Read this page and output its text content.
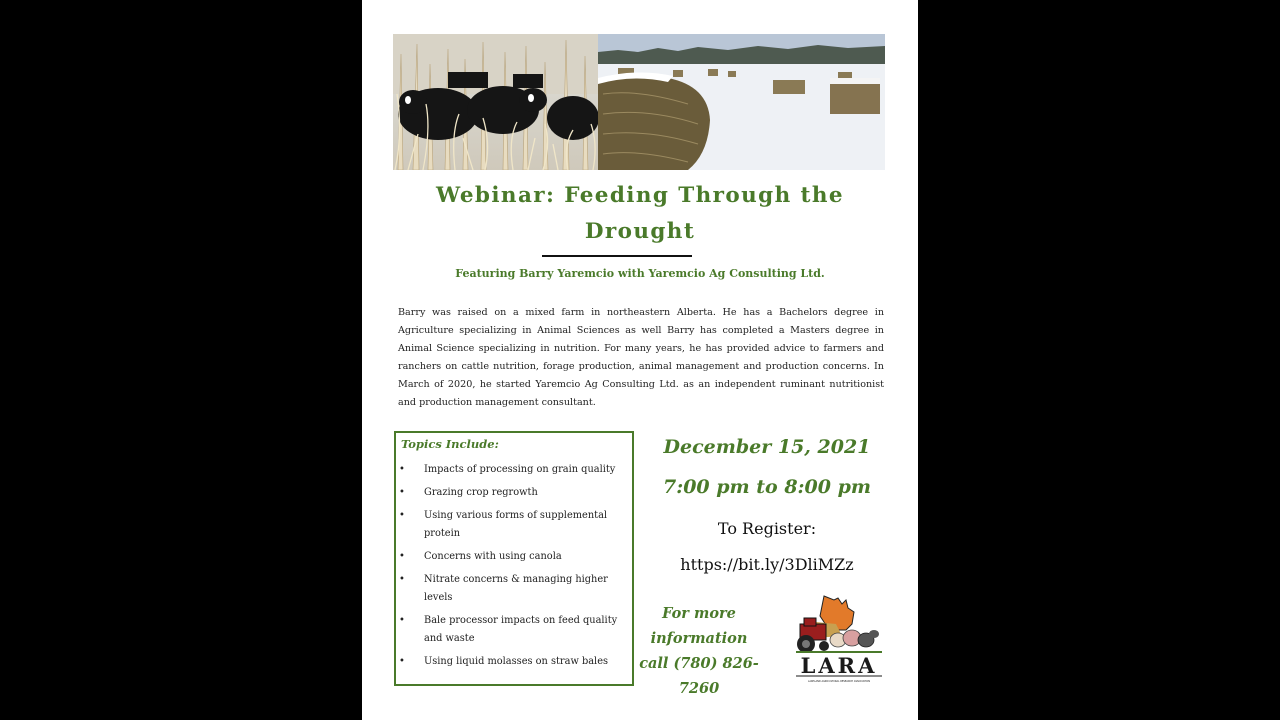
Webinar: Feeding Through the Drought
Featuring Barry Yaremcio with Yaremcio Ag Consulting Ltd.
Barry was raised on a mixed farm in northeastern Alberta. He has a Bachelors degree in Agriculture specializing in Animal Sciences as well Barry has completed a Masters degree in Animal Science specializing in nutrition. For many years, he has provided advice to farmers and ranchers on cattle nutrition, forage production, animal management and production concerns. In March of 2020, he started Yaremcio Ag Consulting Ltd. as an independent ruminant nutritionist and production management consultant.
Topics Include:
• Impacts of processing on grain quality
• Grazing crop regrowth
• Using various forms of supplemental protein
• Concerns with using canola
• Nitrate concerns & managing higher levels
• Bale processor impacts on feed quality and waste
• Using liquid molasses on straw bales
December 15, 2021
7:00 pm to 8:00 pm
To Register:
https://bit.ly/3DliMZz
For more information call (780) 826-7260
LARA
LAKELAND AGRICULTURAL RESEARCH ASSOCIATION
